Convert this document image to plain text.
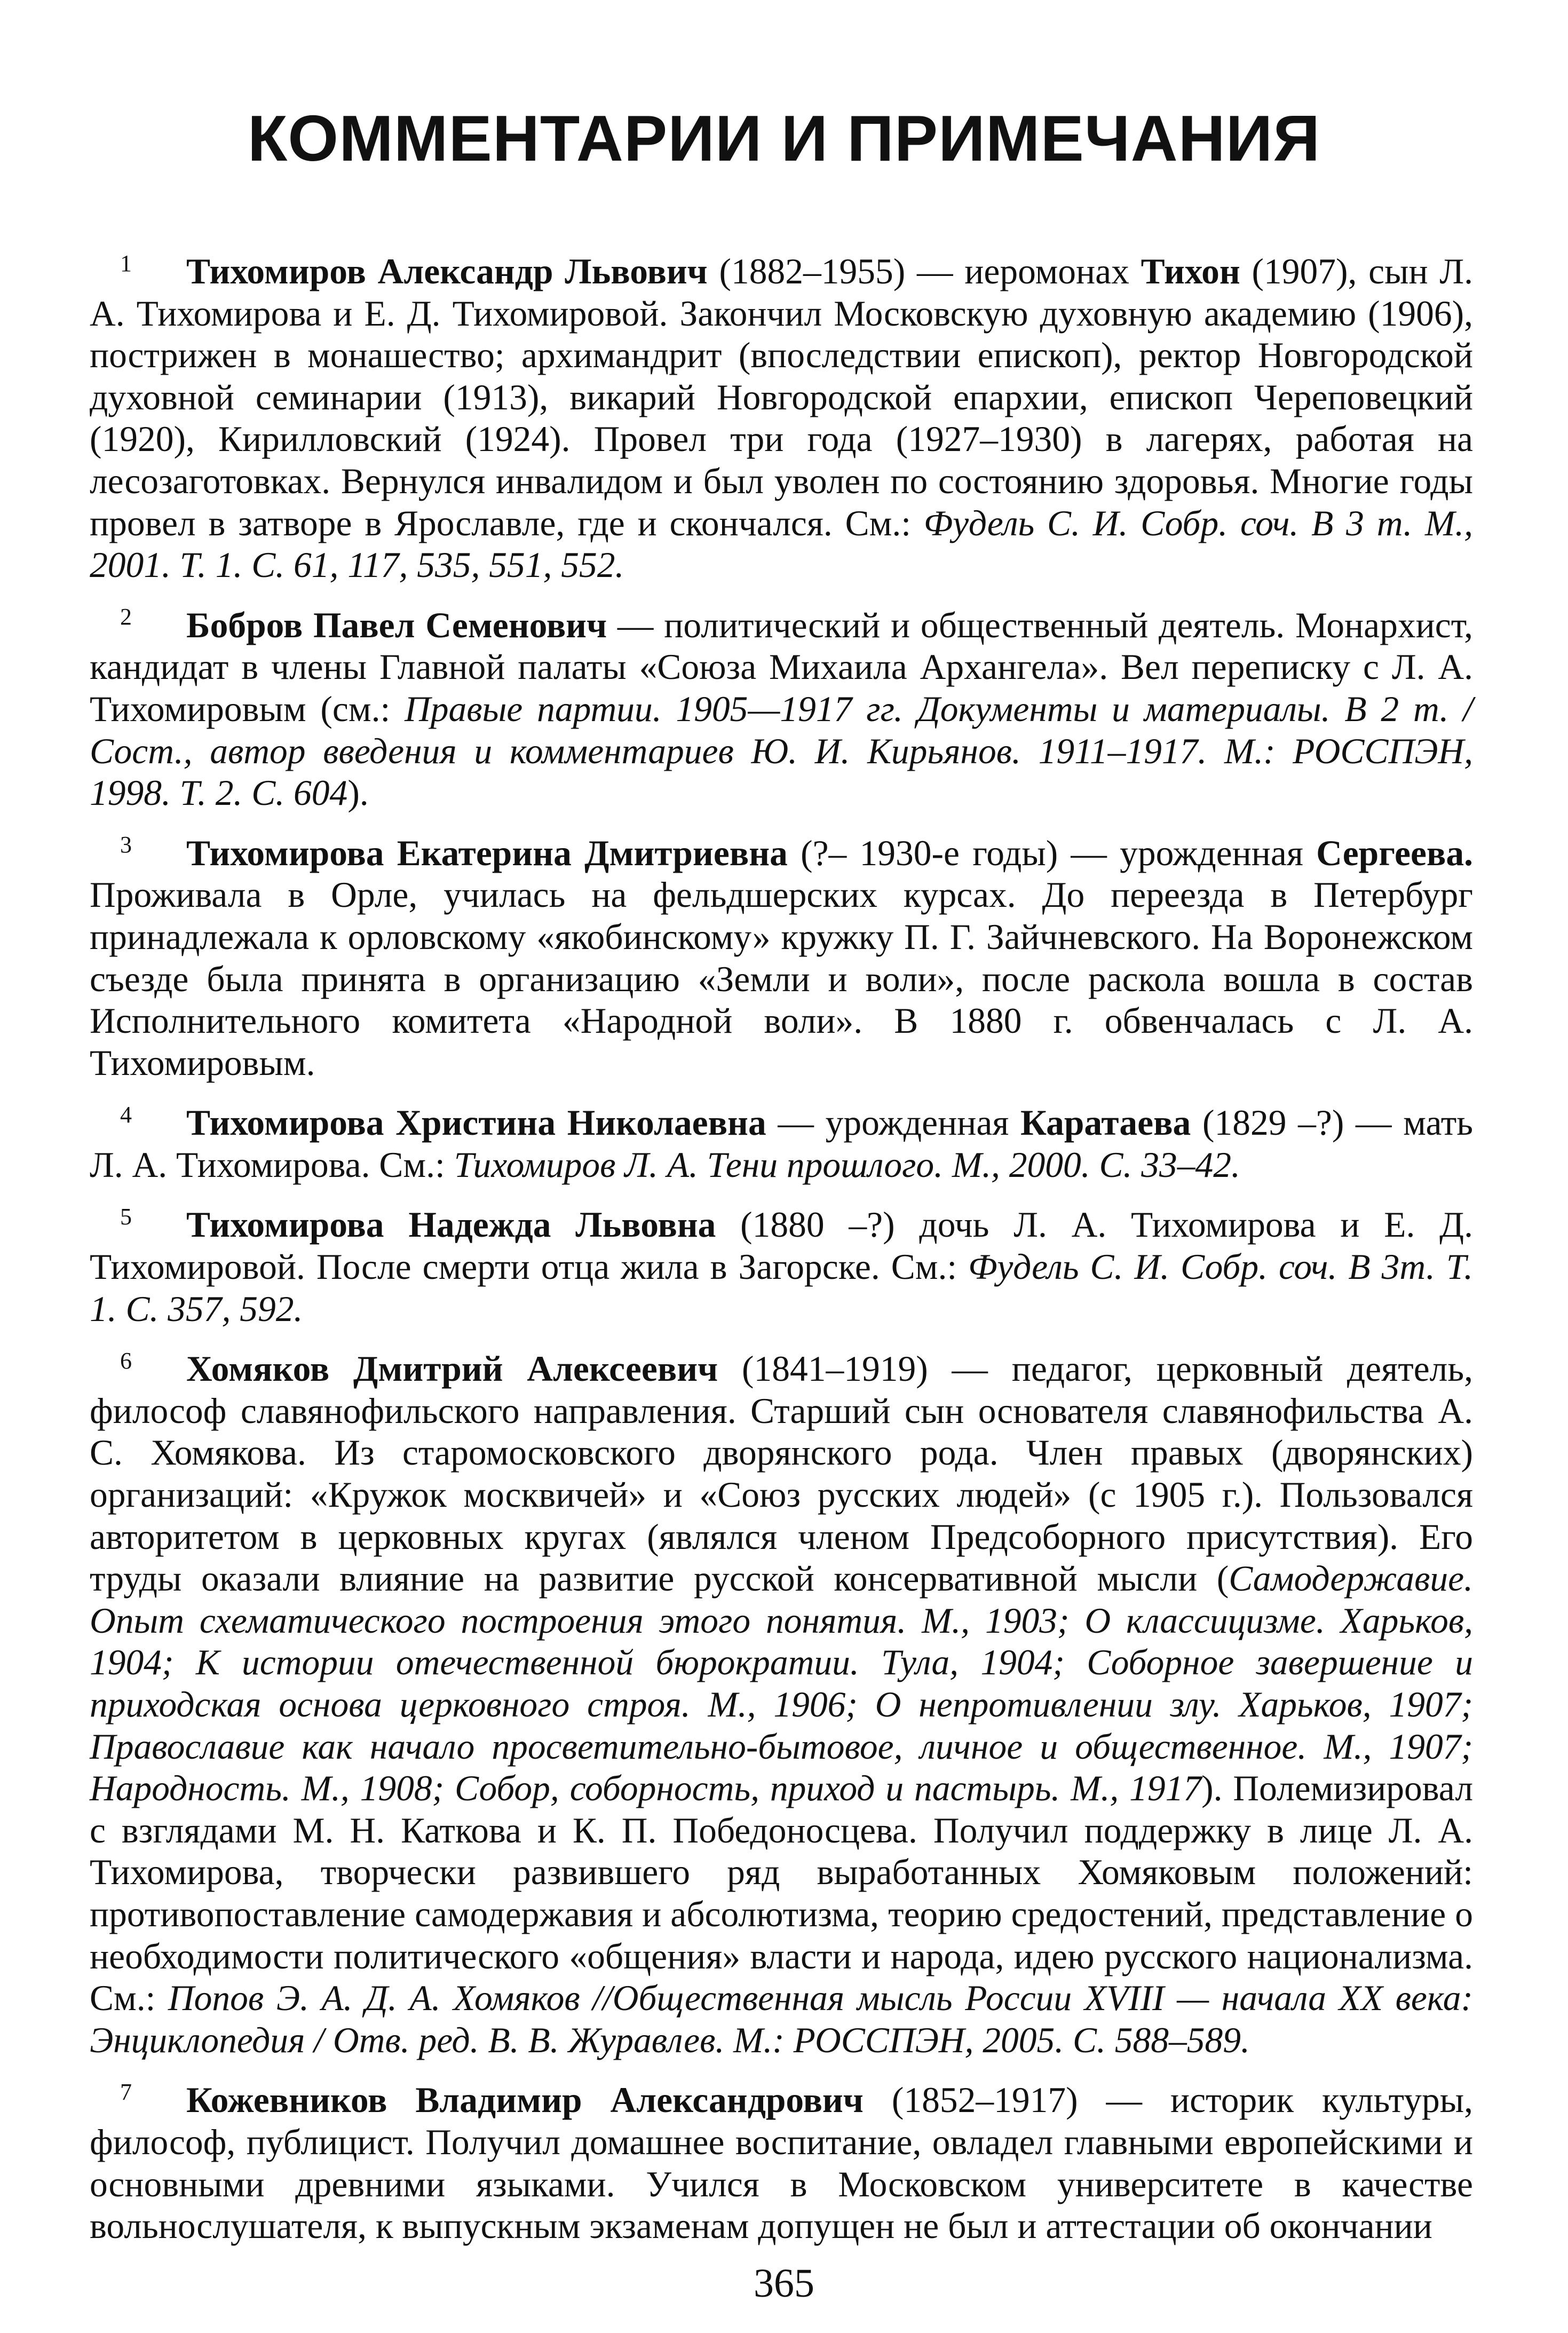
КОММЕНТАРИИ И ПРИМЕЧАНИЯ

1 Тихомиров Александр Львович (1882–1955) — иеромонах Тихон (1907), сын Л. А. Тихомирова и Е. Д. Тихомировой. Закончил Московскую духовную академию (1906), пострижен в монашество; архимандрит (впоследствии епископ), ректор Новгородской духовной семинарии (1913), викарий Новгородской епархии, епископ Череповецкий (1920), Кирилловский (1924). Провел три года (1927–1930) в лагерях, работая на лесозаготовках. Вернулся инвалидом и был уволен по состоянию здоровья. Многие годы провел в затворе в Ярославле, где и скончался. См.: Фудель С. И. Собр. соч. В 3 т. М., 2001. Т. 1. С. 61, 117, 535, 551, 552.

2 Бобров Павел Семенович — политический и общественный деятель. Монархист, кандидат в члены Главной палаты «Союза Михаила Архангела». Вел переписку с Л. А. Тихомировым (см.: Правые партии. 1905—1917 гг. Документы и материалы. В 2 т. / Сост., автор введения и комментариев Ю. И. Кирьянов. 1911–1917. М.: РОССПЭН, 1998. Т. 2. С. 604).

3 Тихомирова Екатерина Дмитриевна (?– 1930-е годы) — урожденная Сергеева. Проживала в Орле, училась на фельдшерских курсах. До переезда в Петербург принадлежала к орловскому «якобинскому» кружку П. Г. Зайчневского. На Воронежском съезде была принята в организацию «Земли и воли», после раскола вошла в состав Исполнительного комитета «Народной воли». В 1880 г. обвенчалась с Л. А. Тихомировым.

4 Тихомирова Христина Николаевна — урожденная Каратаева (1829 –?) — мать Л. А. Тихомирова. См.: Тихомиров Л. А. Тени прошлого. М., 2000. С. 33–42.

5 Тихомирова Надежда Львовна (1880 –?) дочь Л. А. Тихомирова и Е. Д. Тихомировой. После смерти отца жила в Загорске. См.: Фудель С. И. Собр. соч. В 3т. Т. 1. С. 357, 592.

6 Хомяков Дмитрий Алексеевич (1841–1919) — педагог, церковный деятель, философ славянофильского направления. Старший сын основателя славянофильства А. С. Хомякова. Из старомосковского дворянского рода. Член правых (дворянских) организаций: «Кружок москвичей» и «Союз русских людей» (с 1905 г.). Пользовался авторитетом в церковных кругах (являлся членом Предсоборного присутствия). Его труды оказали влияние на развитие русской консервативной мысли (Самодержавие. Опыт схематического построения этого понятия. М., 1903; О классицизме. Харьков, 1904; К истории отечественной бюрократии. Тула, 1904; Соборное завершение и приходская основа церковного строя. М., 1906; О непротивлении злу. Харьков, 1907; Православие как начало просветительно-бытовое, личное и общественное. М., 1907; Народность. М., 1908; Собор, соборность, приход и пастырь. М., 1917). Полемизировал с взглядами М. Н. Каткова и К. П. Победоносцева. Получил поддержку в лице Л. А. Тихомирова, творчески развившего ряд выработанных Хомяковым положений: противопоставление самодержавия и абсолютизма, теорию средостений, представление о необходимости политического «общения» власти и народа, идею русского национализма. См.: Попов Э. А. Д. А. Хомяков //Общественная мысль России XVIII — начала XX века: Энциклопедия / Отв. ред. В. В. Журавлев. М.: РОССПЭН, 2005. С. 588–589.

7 Кожевников Владимир Александрович (1852–1917) — историк культуры, философ, публицист. Получил домашнее воспитание, овладел главными европейскими и основными древними языками. Учился в Московском университете в качестве вольнослушателя, к выпускным экзаменам допущен не был и аттестации об окончании

365
